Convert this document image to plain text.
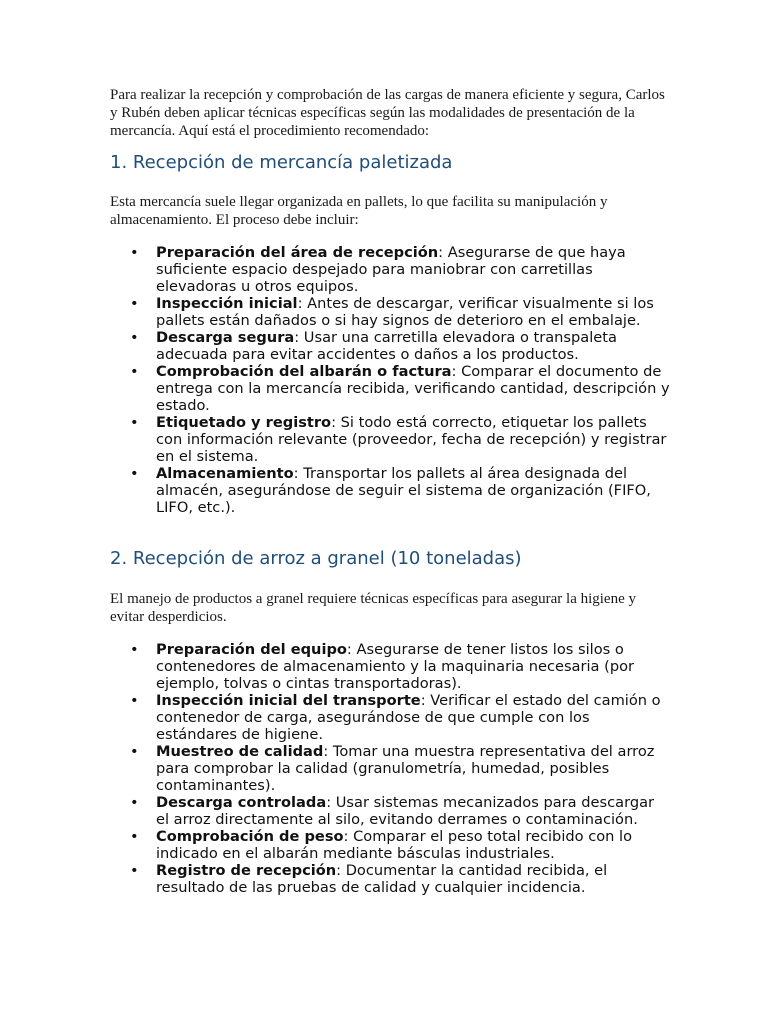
Para realizar la recepción y comprobación de las cargas de manera eficiente y segura, Carlos y Rubén deben aplicar técnicas específicas según las modalidades de presentación de la mercancía. Aquí está el procedimiento recomendado:

1. Recepción de mercancía paletizada

Esta mercancía suele llegar organizada en pallets, lo que facilita su manipulación y almacenamiento. El proceso debe incluir:

• Preparación del área de recepción: Asegurarse de que haya suficiente espacio despejado para maniobrar con carretillas elevadoras u otros equipos.
• Inspección inicial: Antes de descargar, verificar visualmente si los pallets están dañados o si hay signos de deterioro en el embalaje.
• Descarga segura: Usar una carretilla elevadora o transpaleta adecuada para evitar accidentes o daños a los productos.
• Comprobación del albarán o factura: Comparar el documento de entrega con la mercancía recibida, verificando cantidad, descripción y estado.
• Etiquetado y registro: Si todo está correcto, etiquetar los pallets con información relevante (proveedor, fecha de recepción) y registrar en el sistema.
• Almacenamiento: Transportar los pallets al área designada del almacén, asegurándose de seguir el sistema de organización (FIFO, LIFO, etc.).
2. Recepción de arroz a granel (10 toneladas)

El manejo de productos a granel requiere técnicas específicas para asegurar la higiene y evitar desperdicios.

• Preparación del equipo: Asegurarse de tener listos los silos o contenedores de almacenamiento y la maquinaria necesaria (por ejemplo, tolvas o cintas transportadoras).
• Inspección inicial del transporte: Verificar el estado del camión o contenedor de carga, asegurándose de que cumple con los estándares de higiene.
• Muestreo de calidad: Tomar una muestra representativa del arroz para comprobar la calidad (granulometría, humedad, posibles contaminantes).
• Descarga controlada: Usar sistemas mecanizados para descargar el arroz directamente al silo, evitando derrames o contaminación.
• Comprobación de peso: Comparar el peso total recibido con lo indicado en el albarán mediante básculas industriales.
• Registro de recepción: Documentar la cantidad recibida, el resultado de las pruebas de calidad y cualquier incidencia.
